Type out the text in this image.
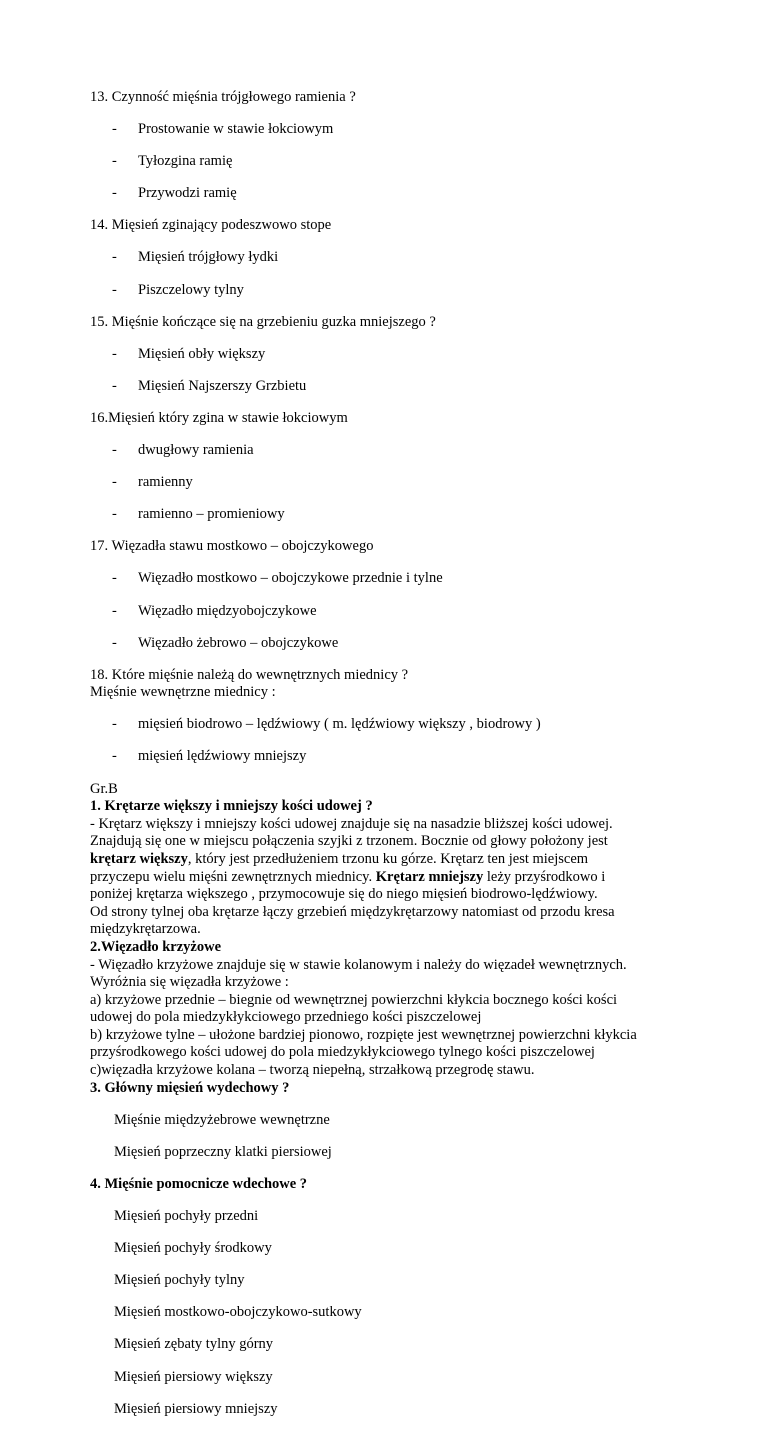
13. Czynność mięśnia trójgłowego ramienia ?

- Prostowanie w stawie łokciowym

- Tyłozgina ramię

- Przywodzi ramię

14. Mięsień zginający podeszwowo stope

- Mięsień trójgłowy łydki

- Piszczelowy tylny

15. Mięśnie kończące się na grzebieniu guzka mniejszego ?

- Mięsień obły większy

- Mięsień Najszerszy Grzbietu

16.Mięsień który zgina w stawie łokciowym

- dwugłowy ramienia

- ramienny

- ramienno – promieniowy

17. Więzadła stawu mostkowo – obojczykowego

- Więzadło mostkowo – obojczykowe przednie i tylne

- Więzadło międzyobojczykowe

- Więzadło żebrowo – obojczykowe

18. Które mięśnie należą do wewnętrznych miednicy ?

Mięśnie wewnętrzne miednicy :

- mięsień biodrowo – lędźwiowy ( m. lędźwiowy większy , biodrowy )

- mięsień lędźwiowy mniejszy

Gr.B

1. Krętarze większy i mniejszy kości udowej ?

- Krętarz większy i mniejszy kości udowej znajduje się na nasadzie bliższej kości udowej.

Znajdują się one w miejscu połączenia szyjki z trzonem. Bocznie od głowy położony jest

krętarz większy, który jest przedłużeniem trzonu ku górze. Krętarz ten jest miejscem

przyczepu wielu mięśni zewnętrznych miednicy. Krętarz mniejszy leży przyśrodkowo i

poniżej krętarza większego , przymocowuje się do niego mięsień biodrowo-lędźwiowy.

Od strony tylnej oba krętarze łączy grzebień międzykrętarzowy natomiast od przodu kresa

międzykrętarzowa.

2.Więzadło krzyżowe

- Więzadło krzyżowe znajduje się w stawie kolanowym i należy do więzadeł wewnętrznych.

Wyróżnia się więzadła krzyżowe :

a) krzyżowe przednie – biegnie od wewnętrznej powierzchni kłykcia bocznego kości kości

udowej do pola miedzykłykciowego przedniego kości piszczelowej

b) krzyżowe tylne – ułożone bardziej pionowo, rozpięte jest wewnętrznej powierzchni kłykcia

przyśrodkowego kości udowej do pola miedzykłykciowego tylnego kości piszczelowej

c)więzadła krzyżowe kolana – tworzą niepełną, strzałkową przegrodę stawu.

3. Główny mięsień wydechowy ?

Mięśnie międzyżebrowe wewnętrzne

Mięsień poprzeczny klatki piersiowej

4. Mięśnie pomocnicze wdechowe ?

Mięsień pochyły przedni

Mięsień pochyły środkowy

Mięsień pochyły tylny

Mięsień mostkowo-obojczykowo-sutkowy

Mięsień zębaty tylny górny

Mięsień piersiowy większy

Mięsień piersiowy mniejszy
